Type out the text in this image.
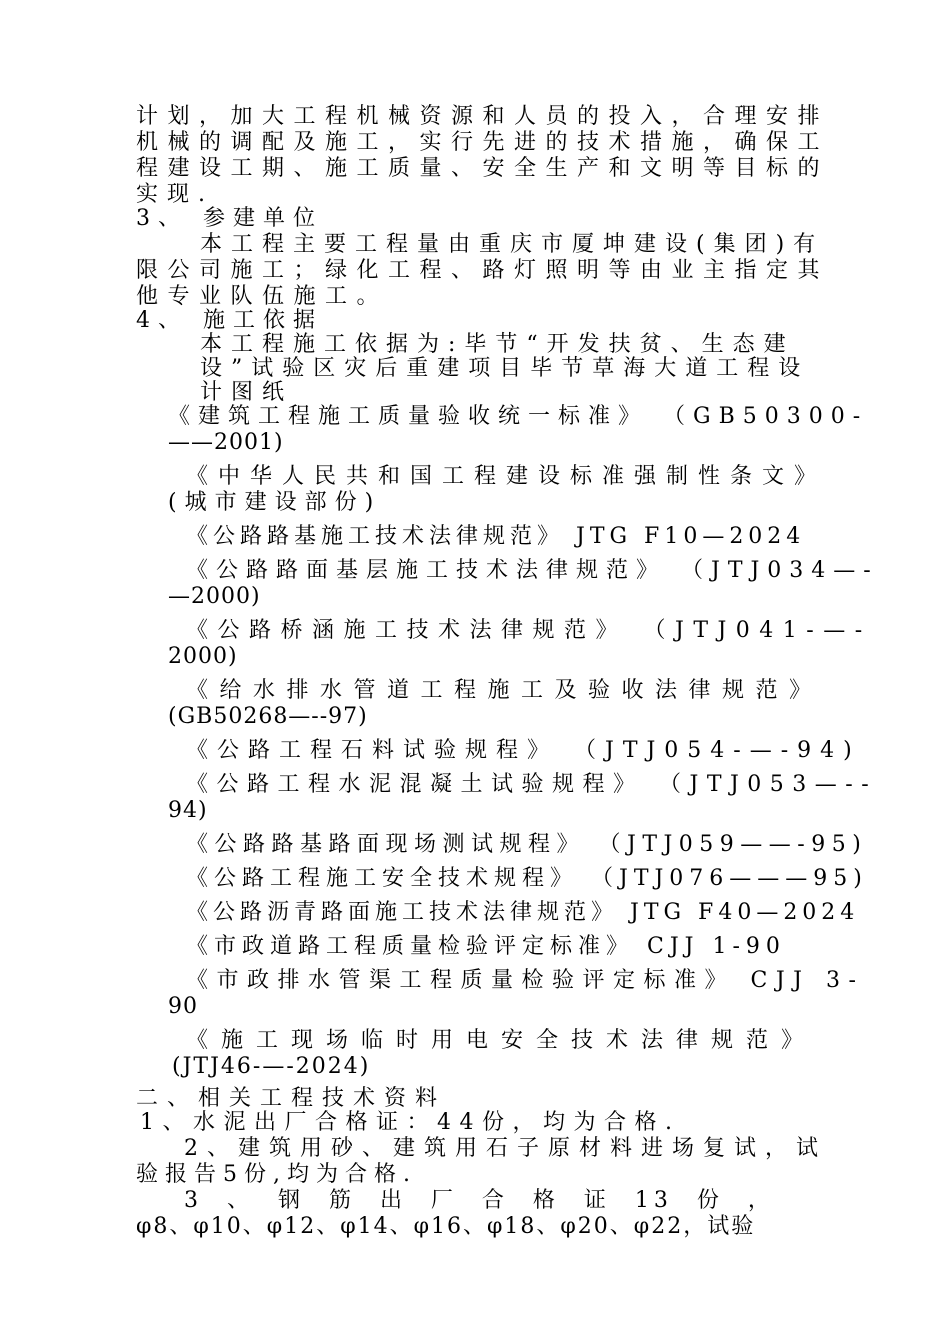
计划，加大工程机械资源和人员的投入，合理安排
机械的调配及施工，实行先进的技术措施，确保工
程建设工期、施工质量、安全生产和文明等目标的
实现.
3、 参建单位
本工程主要工程量由重庆市厦坤建设(集团)有
限公司施工；绿化工程、路灯照明等由业主指定其
他专业队伍施工。
4、 施工依据
本工程施工依据为:毕节“开发扶贫、生态建
设”试验区灾后重建项目毕节草海大道工程设
计图纸
《建筑工程施工质量验收统一标准》 （GB50300-
——2001)
《中华人民共和国工程建设标准强制性条文》
(城市建设部份)
《公路路基施工技术法律规范》 JTG F10—2024
《公路路面基层施工技术法律规范》 （JTJ034—-
—2000)
《公路桥涵施工技术法律规范》 （JTJ041-—-
2000)
《给水排水管道工程施工及验收法律规范》
(GB50268—--97)
《公路工程石料试验规程》 （JTJ054-—-94)
《公路工程水泥混凝土试验规程》 （JTJ053—--
94)
《公路路基路面现场测试规程》 （JTJ059——-95)
《公路工程施工安全技术规程》 （JTJ076———95)
《公路沥青路面施工技术法律规范》 JTG F40—2024
《市政道路工程质量检验评定标准》 CJJ 1-90
《市政排水管渠工程质量检验评定标准》 CJJ 3-
90
《施工现场临时用电安全技术法律规范》
(JTJ46-—-2024)
二、相关工程技术资料
1、水泥出厂合格证：44份，均为合格.
2、建筑用砂、建筑用石子原材料进场复试，试
验报告5份,均为合格.
3  、  钢  筋  出  厂  合  格  证  13  份  ，
φ8、φ10、φ12、φ14、φ16、φ18、φ20、φ22，试验
